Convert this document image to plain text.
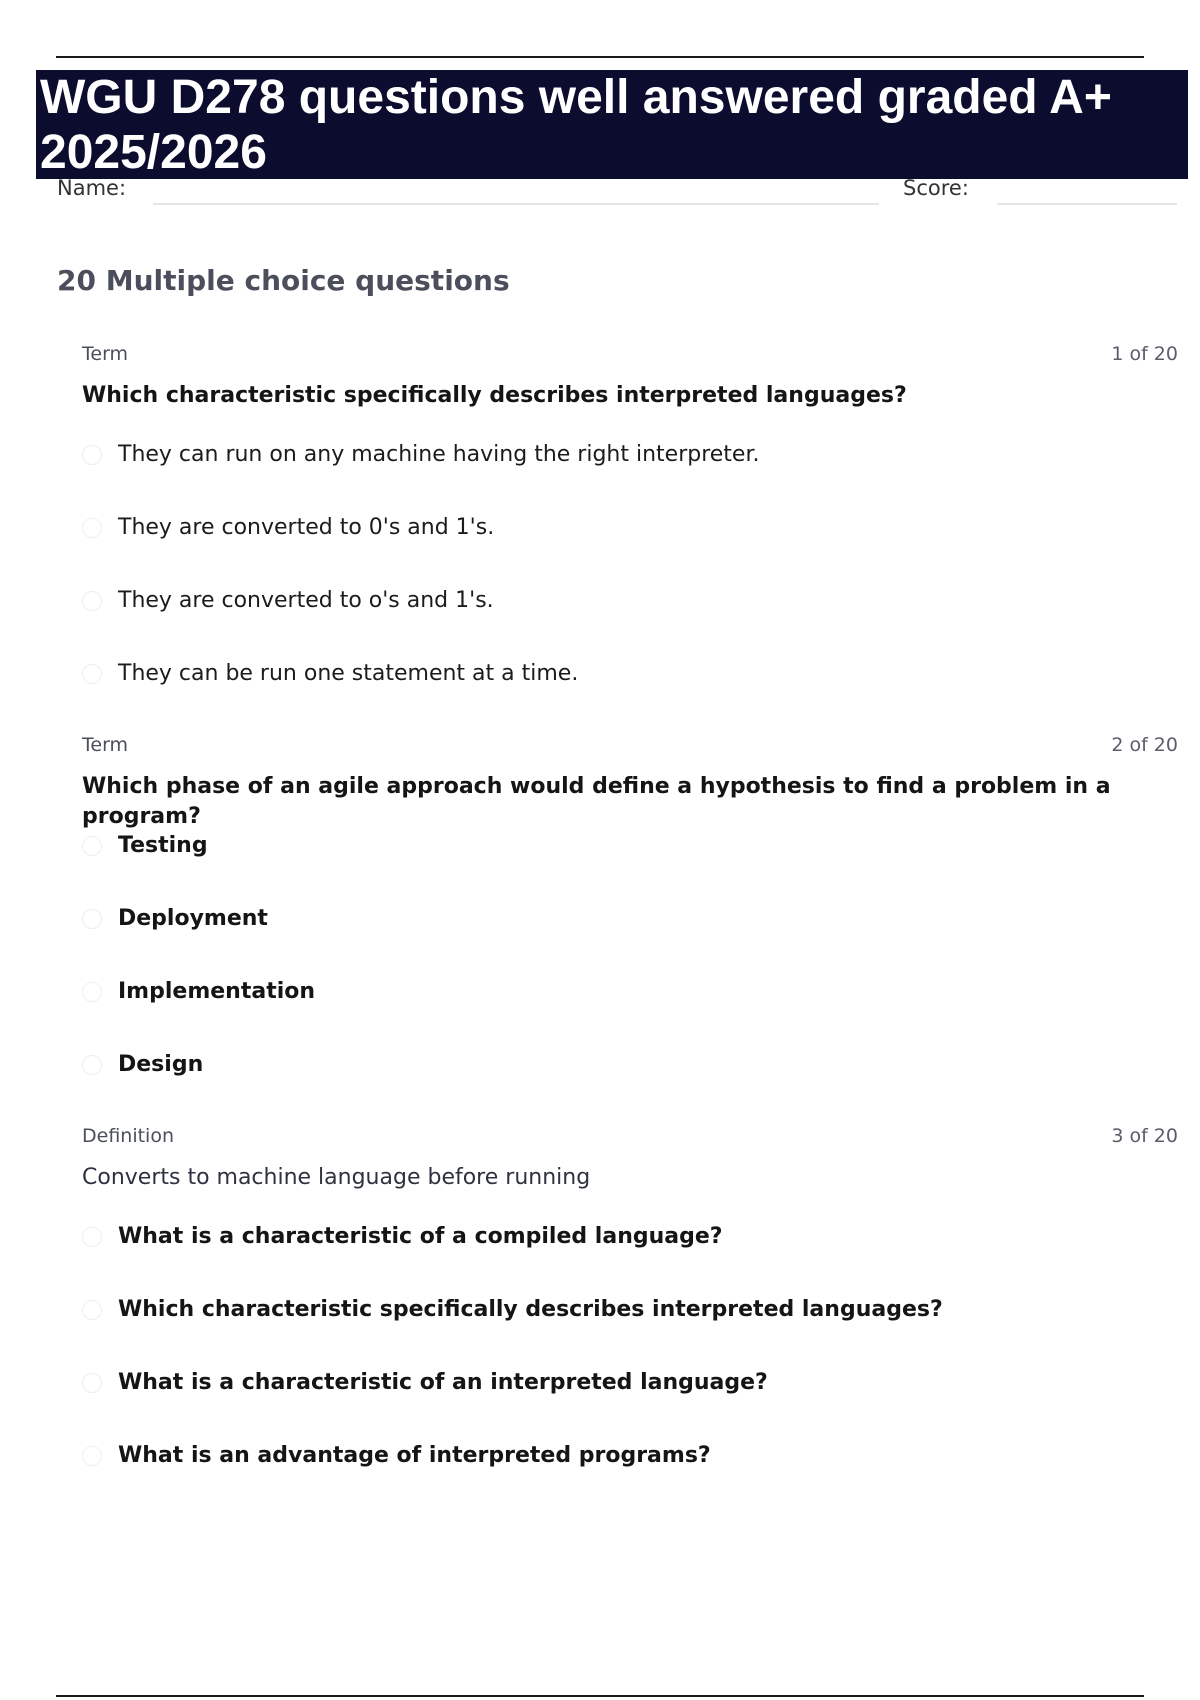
WGU D278 questions well answered graded A+ 2025/2026
Name:	Score:
20 Multiple choice questions
Term	1 of 20

Which characteristic specifically describes interpreted languages?

They can run on any machine having the right interpreter.
They are converted to 0's and 1's.
They are converted to o's and 1's.
They can be run one statement at a time.
Term	2 of 20

Which phase of an agile approach would define a hypothesis to find a problem in a program?

Testing
Deployment
Implementation
Design
Definition	3 of 20

Converts to machine language before running

What is a characteristic of a compiled language?
Which characteristic specifically describes interpreted languages?
What is a characteristic of an interpreted language?
What is an advantage of interpreted programs?
